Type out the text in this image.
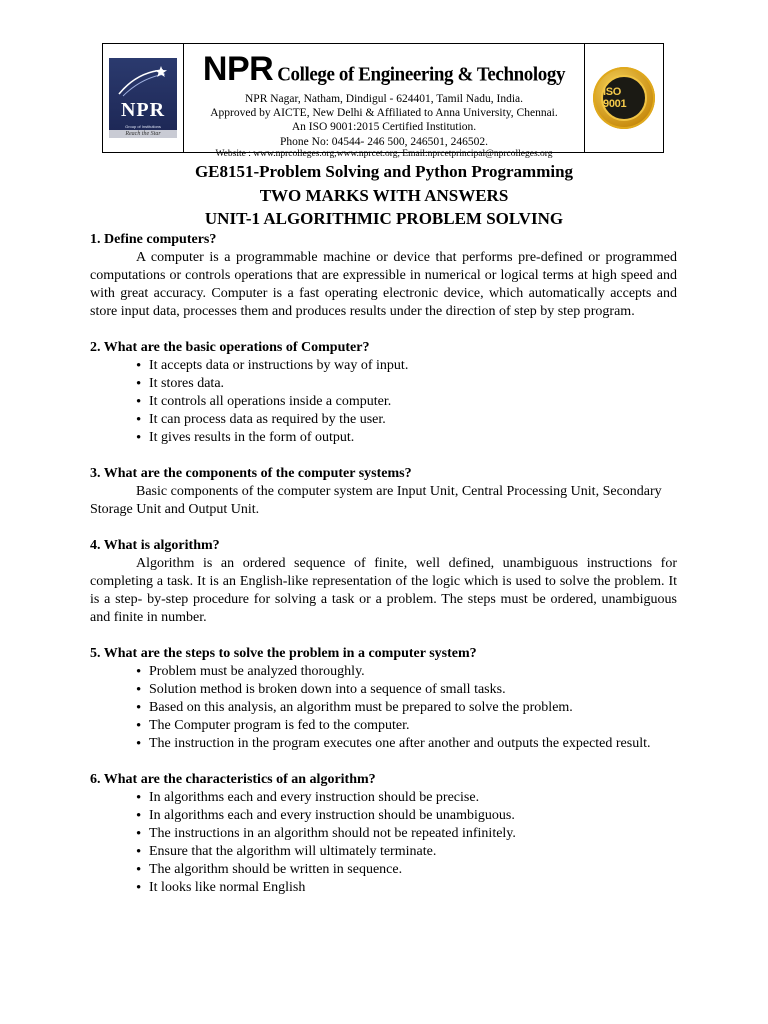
NPR
Group of Institutions
Reach the Star
NPR College of Engineering & Technology
NPR Nagar, Natham, Dindigul - 624401, Tamil Nadu, India.
Approved by AICTE, New Delhi & Affiliated to Anna University, Chennai.
An ISO 9001:2015 Certified Institution.
Phone No: 04544- 246 500, 246501, 246502.
Website : www.nprcolleges.org,www.nprcet.org, Email:nprcetprincipal@nprcolleges.org
ISO 9001
GE8151-Problem Solving and Python Programming
TWO MARKS WITH ANSWERS
UNIT-1 ALGORITHMIC PROBLEM SOLVING

1. Define computers?

A computer is a programmable machine or device that performs pre-defined or programmed computations or controls operations that are expressible in numerical or logical terms at high speed and with great accuracy. Computer is a fast operating electronic device, which automatically accepts and store input data, processes them and produces results under the direction of step by step program.

2. What are the basic operations of Computer?

• It accepts data or instructions by way of input.
• It stores data.
• It controls all operations inside a computer.
• It can process data as required by the user.
• It gives results in the form of output.

3. What are the components of the computer systems?

Basic components of the computer system are Input Unit, Central Processing Unit, Secondary Storage Unit and Output Unit.

4. What is algorithm?

Algorithm is an ordered sequence of finite, well defined, unambiguous instructions for completing a task. It is an English-like representation of the logic which is used to solve the problem. It is a step- by-step procedure for solving a task or a problem. The steps must be ordered, unambiguous and finite in number.

5. What are the steps to solve the problem in a computer system?

• Problem must be analyzed thoroughly.
• Solution method is broken down into a sequence of small tasks.
• Based on this analysis, an algorithm must be prepared to solve the problem.
• The Computer program is fed to the computer.
• The instruction in the program executes one after another and outputs the expected result.

6. What are the characteristics of an algorithm?

• In algorithms each and every instruction should be precise.
• In algorithms each and every instruction should be unambiguous.
• The instructions in an algorithm should not be repeated infinitely.
• Ensure that the algorithm will ultimately terminate.
• The algorithm should be written in sequence.
• It looks like normal English
